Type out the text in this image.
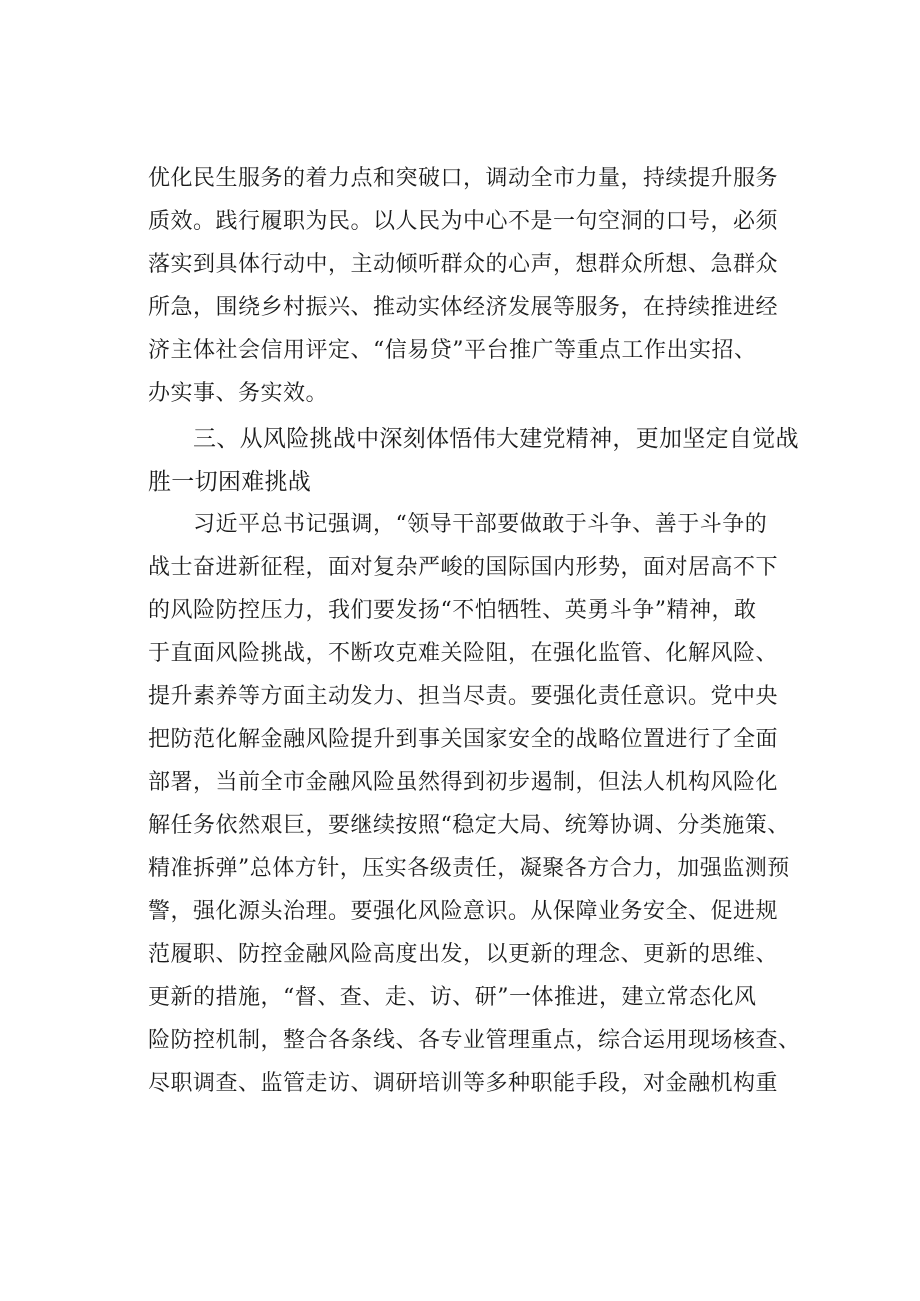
优化民生服务的着力点和突破口，调动全市力量，持续提升服务
质效。践行履职为民。以人民为中心不是一句空洞的口号，必须
落实到具体行动中，主动倾听群众的心声，想群众所想、急群众
所急，围绕乡村振兴、推动实体经济发展等服务，在持续推进经
济主体社会信用评定、“信易贷”平台推广等重点工作出实招、
办实事、务实效。
三、从风险挑战中深刻体悟伟大建党精神，更加坚定自觉战
胜一切困难挑战
习近平总书记强调，“领导干部要做敢于斗争、善于斗争的
战士奋进新征程，面对复杂严峻的国际国内形势，面对居高不下
的风险防控压力，我们要发扬“不怕牺牲、英勇斗争”精神，敢
于直面风险挑战，不断攻克难关险阻，在强化监管、化解风险、
提升素养等方面主动发力、担当尽责。要强化责任意识。党中央
把防范化解金融风险提升到事关国家安全的战略位置进行了全面
部署，当前全市金融风险虽然得到初步遏制，但法人机构风险化
解任务依然艰巨，要继续按照“稳定大局、统筹协调、分类施策、
精准拆弹”总体方针，压实各级责任，凝聚各方合力，加强监测预
警，强化源头治理。要强化风险意识。从保障业务安全、促进规
范履职、防控金融风险高度出发，以更新的理念、更新的思维、
更新的措施，“督、查、走、访、研”一体推进，建立常态化风
险防控机制，整合各条线、各专业管理重点，综合运用现场核查、
尽职调查、监管走访、调研培训等多种职能手段，对金融机构重
